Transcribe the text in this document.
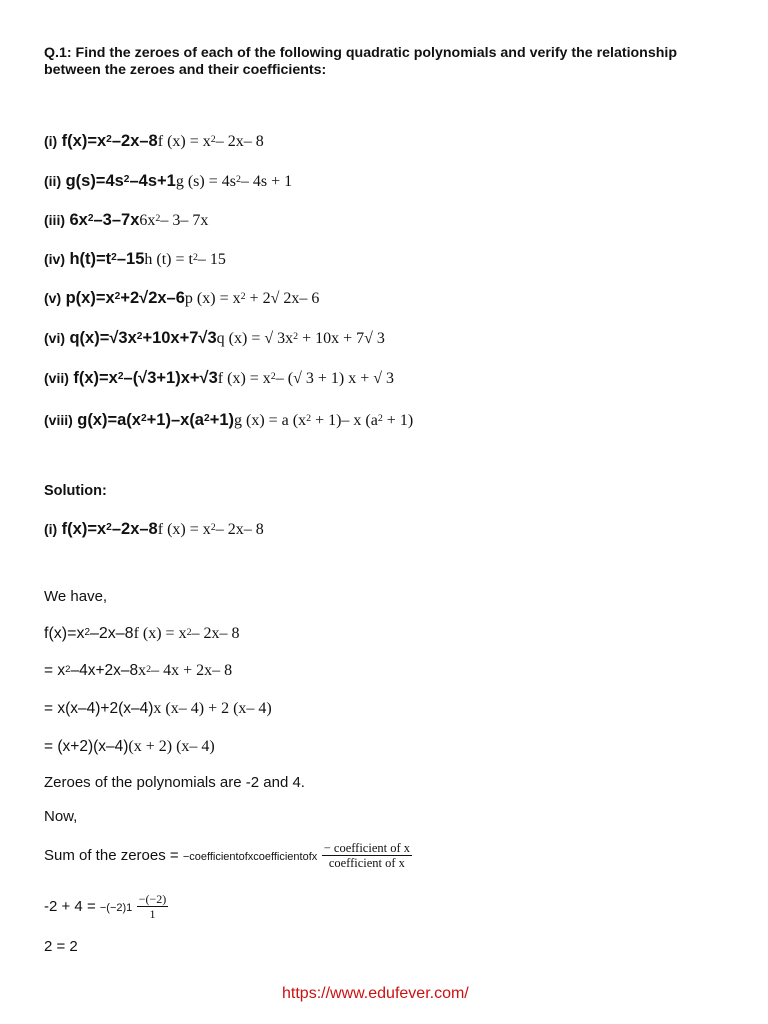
Q.1: Find the zeroes of each of the following quadratic polynomials and verify the relationship between the zeroes and their coefficients:
(i) $f(x)=x^2-2x-8f$ $(x) = x^2-$ 2x– 8
(ii) $g(s)=4s^2-4s+1g$ $(s) = 4s^2-$ 4s + 1
(iii) $6x^2-3-7x6x^2-$ 3– 7x
(iv) $h(t)=t^2-15h$ $(t) = t^2-$ 15
(v) $p(x)=x^2+2√2x-6p$ $(x) = x^2 + 2√$ 2x– 6
(vi) $q(x)=√3x^2+10x+7√3q$ (x) = √ $3x^2 + 10x + 7√$ 3
(vii) $f(x)=x^2-(√3+1)x+√3f$ $(x) = x^2-$ (√ 3 + 1) x + √ 3
(viii) $g(x)=a(x^2+1)-x(a^2+1)g$ (x) = a $(x^2 + 1)-$ x $(a^2 + 1)$
Solution:
(i) $f(x)=x^2-2x-8f$ $(x) = x^2-$ 2x– 8
We have,
$f(x)=x^2-2x-8f$ $(x) = x^2-$ 2x– 8
= $x^2-4x+2x-8x^2-$ 4x + 2x– 8
= x(x–4)+2(x–4)x (x– 4) + 2 (x– 4)
= (x+2)(x–4)(x + 2) (x– 4)
Zeroes of the polynomials are -2 and 4.
Now,
Sum of the zeroes = −coefficientofxcoefficientofx $\frac{\text{− coefficient of x}}{\text{coefficient of x}}$
$-2 + 4 = -(-2)1 \frac{-(-2)}{1}$
2 = 2
https://www.edufever.com/
